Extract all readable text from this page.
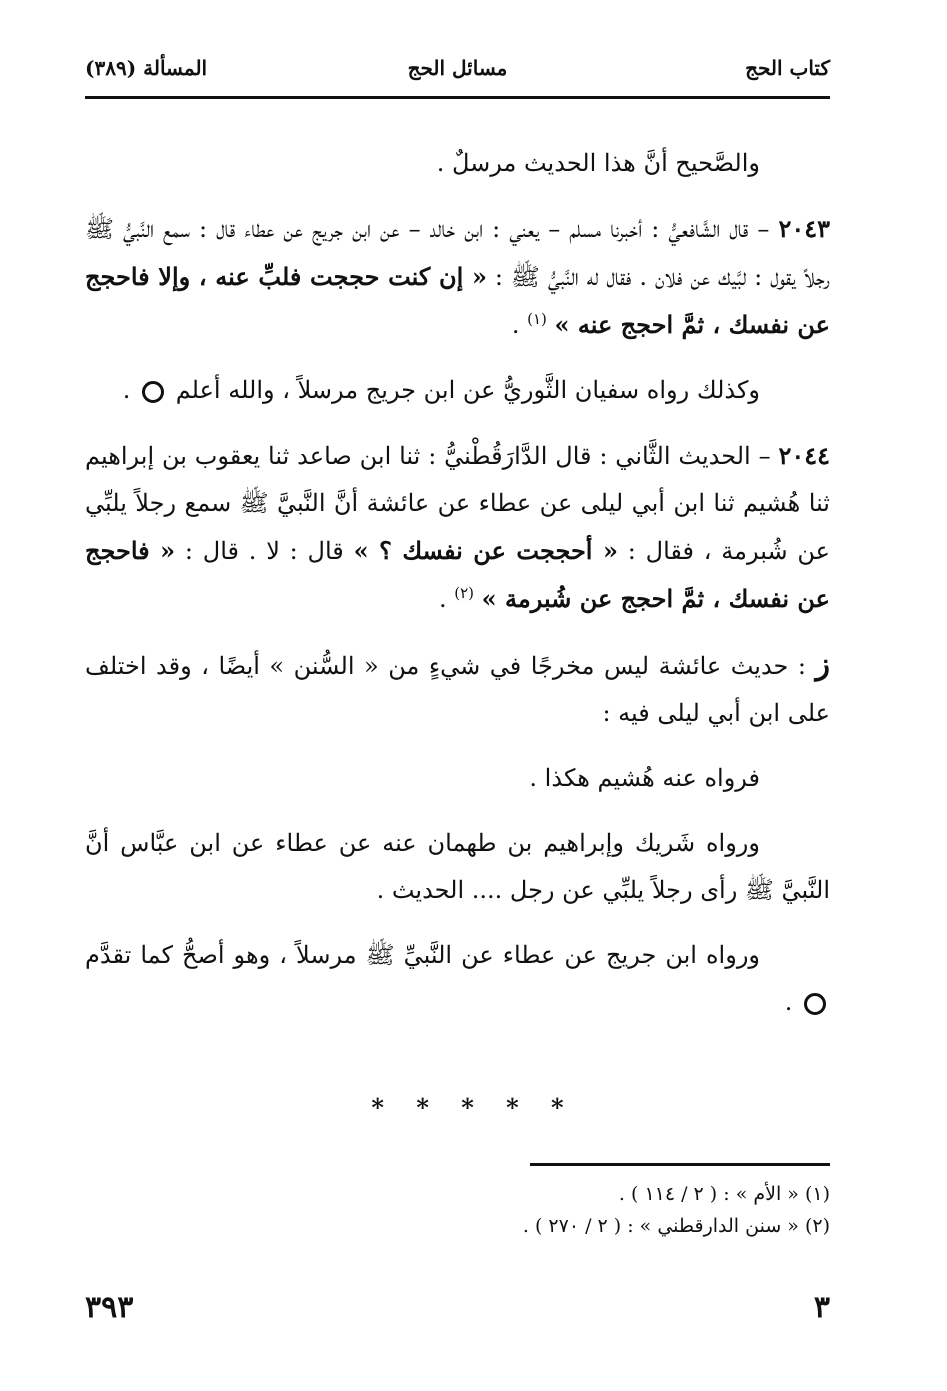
كتاب الحج
مسائل الحج
المسألة (٣٨٩)

والصَّحيح أنَّ هذا الحديث مرسلٌ .

٢٠٤٣ – قال الشَّافعيُّ : أخبرنا مسلم – يعني : ابن خالد – عن ابن جريج عن عطاء قال : سمع النَّبيُّ ﷺ رجلاً يقول : لبَّيك عن فلان . فقال له النَّبيُّ ﷺ : « إن كنت حججت فلبِّ عنه ، وإلا فاحجج عن نفسك ، ثمَّ احجج عنه » $^{(١)}$ .

وكذلك رواه سفيان الثَّوريُّ عن ابن جريج مرسلاً ، والله أعلم  .

٢٠٤٤ – الحديث الثَّاني : قال الدَّارَقُطْنيُّ : ثنا ابن صاعد ثنا يعقوب بن إبراهيم ثنا هُشيم ثنا ابن أبي ليلى عن عطاء عن عائشة أنَّ النَّبيَّ ﷺ سمع رجلاً يلبِّي عن شُبرمة ، فقال : « أحججت عن نفسك ؟ » قال : لا . قال : « فاحجج عن نفسك ، ثمَّ احجج عن شُبرمة » $^{(٢)}$ .

ز : حديث عائشة ليس مخرجًا في شيءٍ من « السُّنن » أيضًا ، وقد اختلف على ابن أبي ليلى فيه :

فرواه عنه هُشيم هكذا .

ورواه شَريك وإبراهيم بن طهمان عنه عن عطاء عن ابن عبَّاس أنَّ النَّبيَّ ﷺ رأى رجلاً يلبِّي عن رجل .... الحديث .

ورواه ابن جريج عن عطاء عن النَّبيِّ ﷺ مرسلاً ، وهو أصحُّ كما تقدَّم  .

* * * * *

(١) « الأم » : ( ٢ / ١١٤ ) .

(٢) « سنن الدارقطني » : ( ٢ / ٢٧٠ ) .

٣
٣٩٣
